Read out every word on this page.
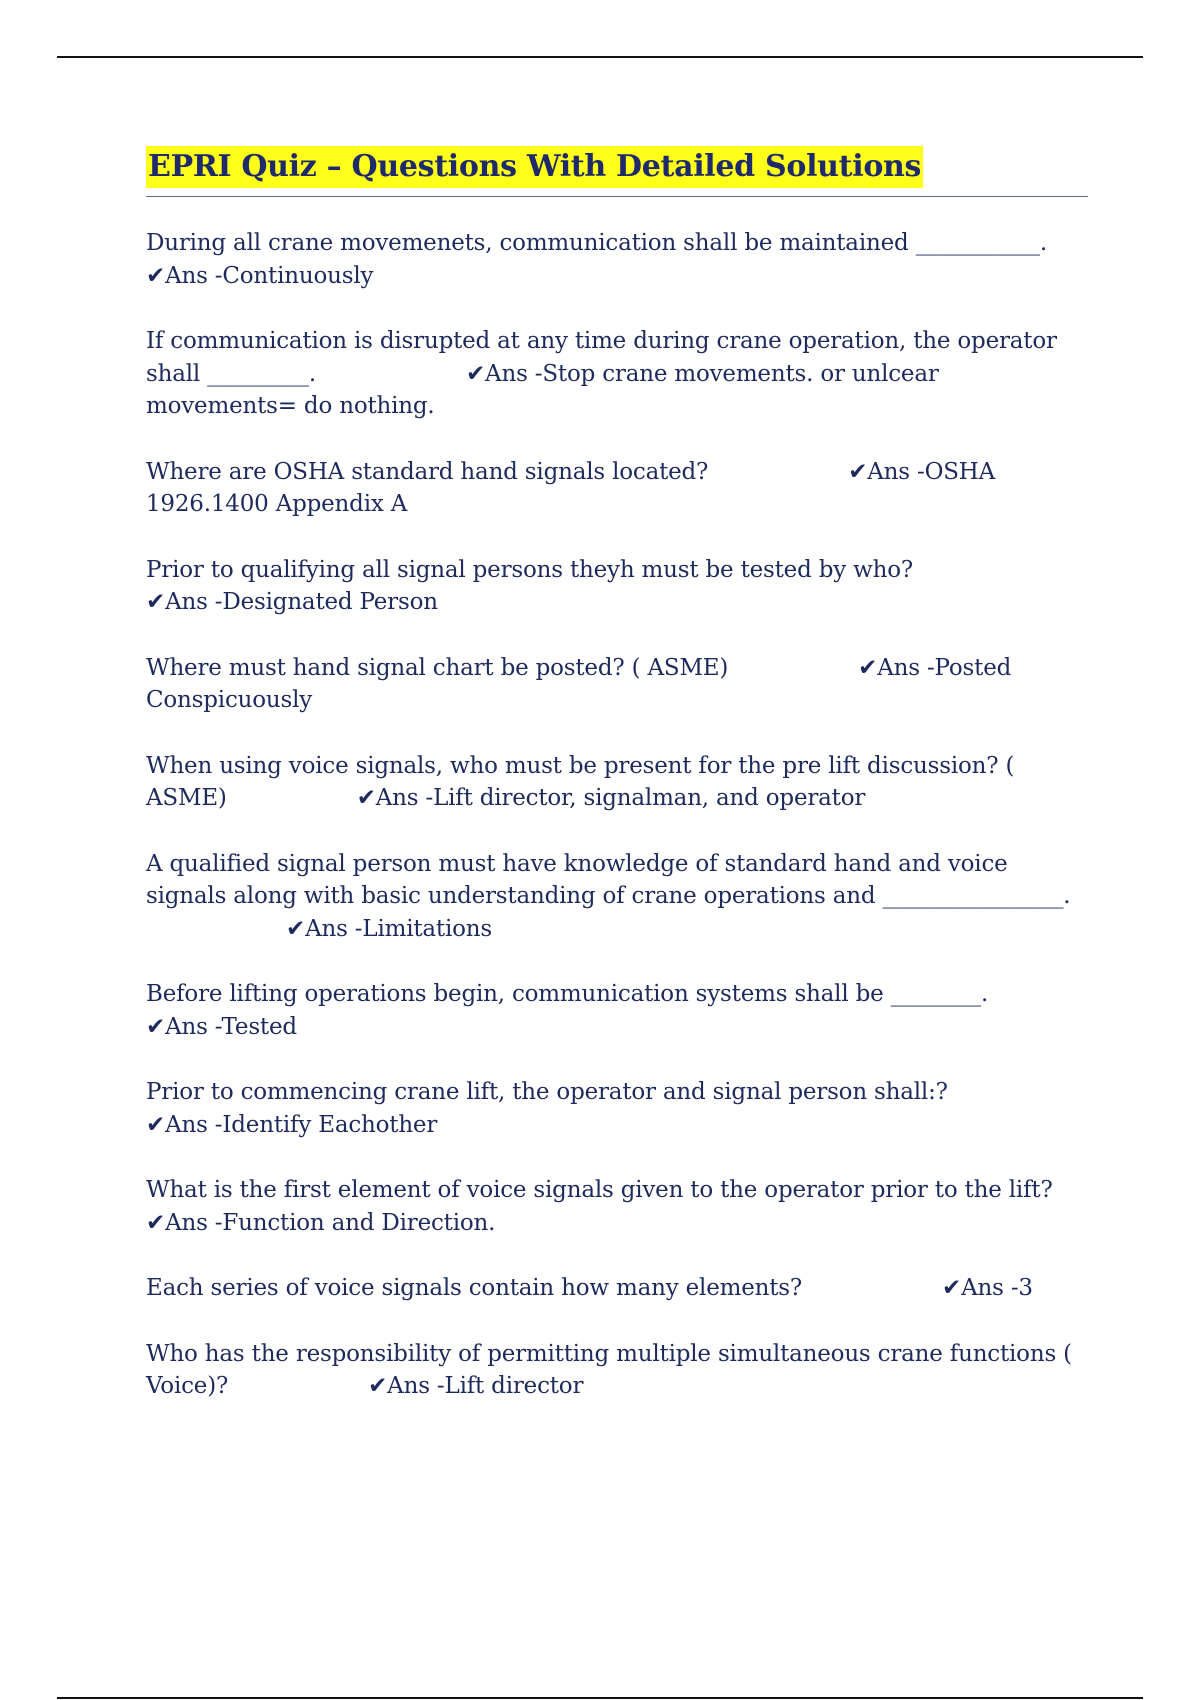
EPRI Quiz – Questions With Detailed Solutions

During all crane movemenets, communication shall be maintained ___________.
✔Ans -Continuously

If communication is disrupted at any time during crane operation, the operator shall _________.	✔Ans -Stop crane movements. or unlcear movements= do nothing.

Where are OSHA standard hand signals located?	✔Ans -OSHA 1926.1400 Appendix A

Prior to qualifying all signal persons theyh must be tested by who?
✔Ans -Designated Person

Where must hand signal chart be posted? ( ASME)	✔Ans -Posted Conspicuously

When using voice signals, who must be present for the pre lift discussion? ( ASME)	✔Ans -Lift director, signalman, and operator

A qualified signal person must have knowledge of standard hand and voice signals along with basic understanding of crane operations and ________________.✔Ans -Limitations

Before lifting operations begin, communication systems shall be ________.
✔Ans -Tested

Prior to commencing crane lift, the operator and signal person shall:?
✔Ans -Identify Eachother

What is the first element of voice signals given to the operator prior to the lift?
✔Ans -Function and Direction.

Each series of voice signals contain how many elements?	✔Ans -3

Who has the responsibility of permitting multiple simultaneous crane functions ( Voice)?	✔Ans -Lift director
